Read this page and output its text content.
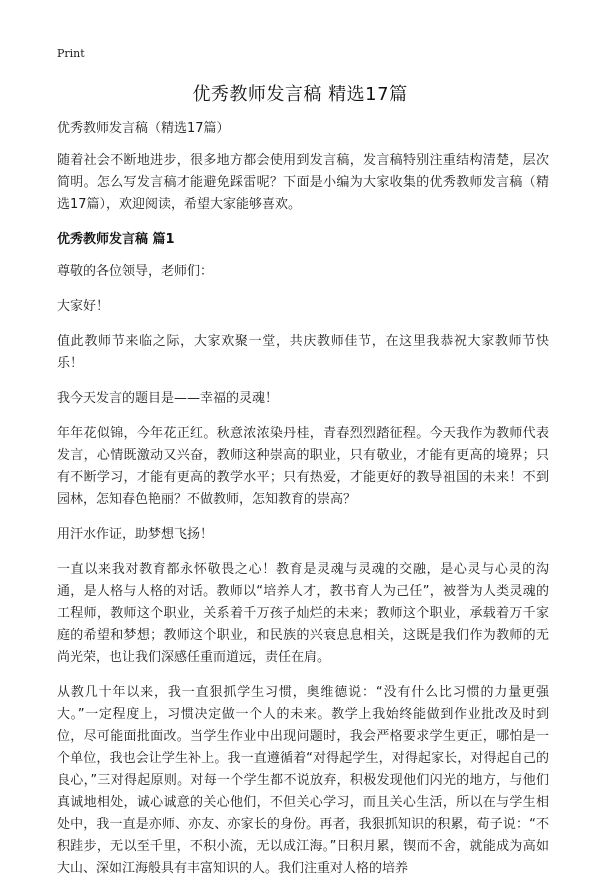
Print
优秀教师发言稿 精选17篇

优秀教师发言稿（精选17篇）

随着社会不断地进步，很多地方都会使用到发言稿，发言稿特别注重结构清楚，层次简明。怎么写发言稿才能避免踩雷呢？下面是小编为大家收集的优秀教师发言稿（精选17篇），欢迎阅读，希望大家能够喜欢。

优秀教师发言稿 篇1

尊敬的各位领导，老师们：

大家好！

值此教师节来临之际，大家欢聚一堂，共庆教师佳节，在这里我恭祝大家教师节快乐！

我今天发言的题目是——幸福的灵魂！

年年花似锦，今年花正红。秋意浓浓染丹桂，青春烈烈踏征程。今天我作为教师代表发言，心情既激动又兴奋，教师这种崇高的职业，只有敬业，才能有更高的境界；只有不断学习，才能有更高的教学水平；只有热爱，才能更好的教导祖国的未来！不到园林，怎知春色艳丽？不做教师，怎知教育的崇高？

用汗水作证，助梦想飞扬！

一直以来我对教育都永怀敬畏之心！教育是灵魂与灵魂的交融，是心灵与心灵的沟通，是人格与人格的对话。教师以“培养人才，教书育人为己任”，被誉为人类灵魂的工程师，教师这个职业，关系着千万孩子灿烂的未来；教师这个职业，承载着万千家庭的希望和梦想；教师这个职业，和民族的兴衰息息相关，这既是我们作为教师的无尚光荣，也让我们深感任重而道远，责任在肩。

从教几十年以来，我一直狠抓学生习惯，奥维德说：“没有什么比习惯的力量更强大。”一定程度上，习惯决定做一个人的未来。教学上我始终能做到作业批改及时到位，尽可能面批面改。当学生作业中出现问题时，我会严格要求学生更正，哪怕是一个单位，我也会让学生补上。我一直遵循着“对得起学生，对得起家长，对得起自己的良心，”三对得起原则。对每一个学生都不说放弃，积极发现他们闪光的地方，与他们真诚地相处，诚心诚意的关心他们，不但关心学习，而且关心生活，所以在与学生相处中，我一直是亦师、亦友、亦家长的身份。再者，我狠抓知识的积累，荀子说：“不积跬步，无以至千里，不积小流，无以成江海。”日积月累，锲而不舍，就能成为高如大山、深如江海般具有丰富知识的人。我们注重对人格的培养
